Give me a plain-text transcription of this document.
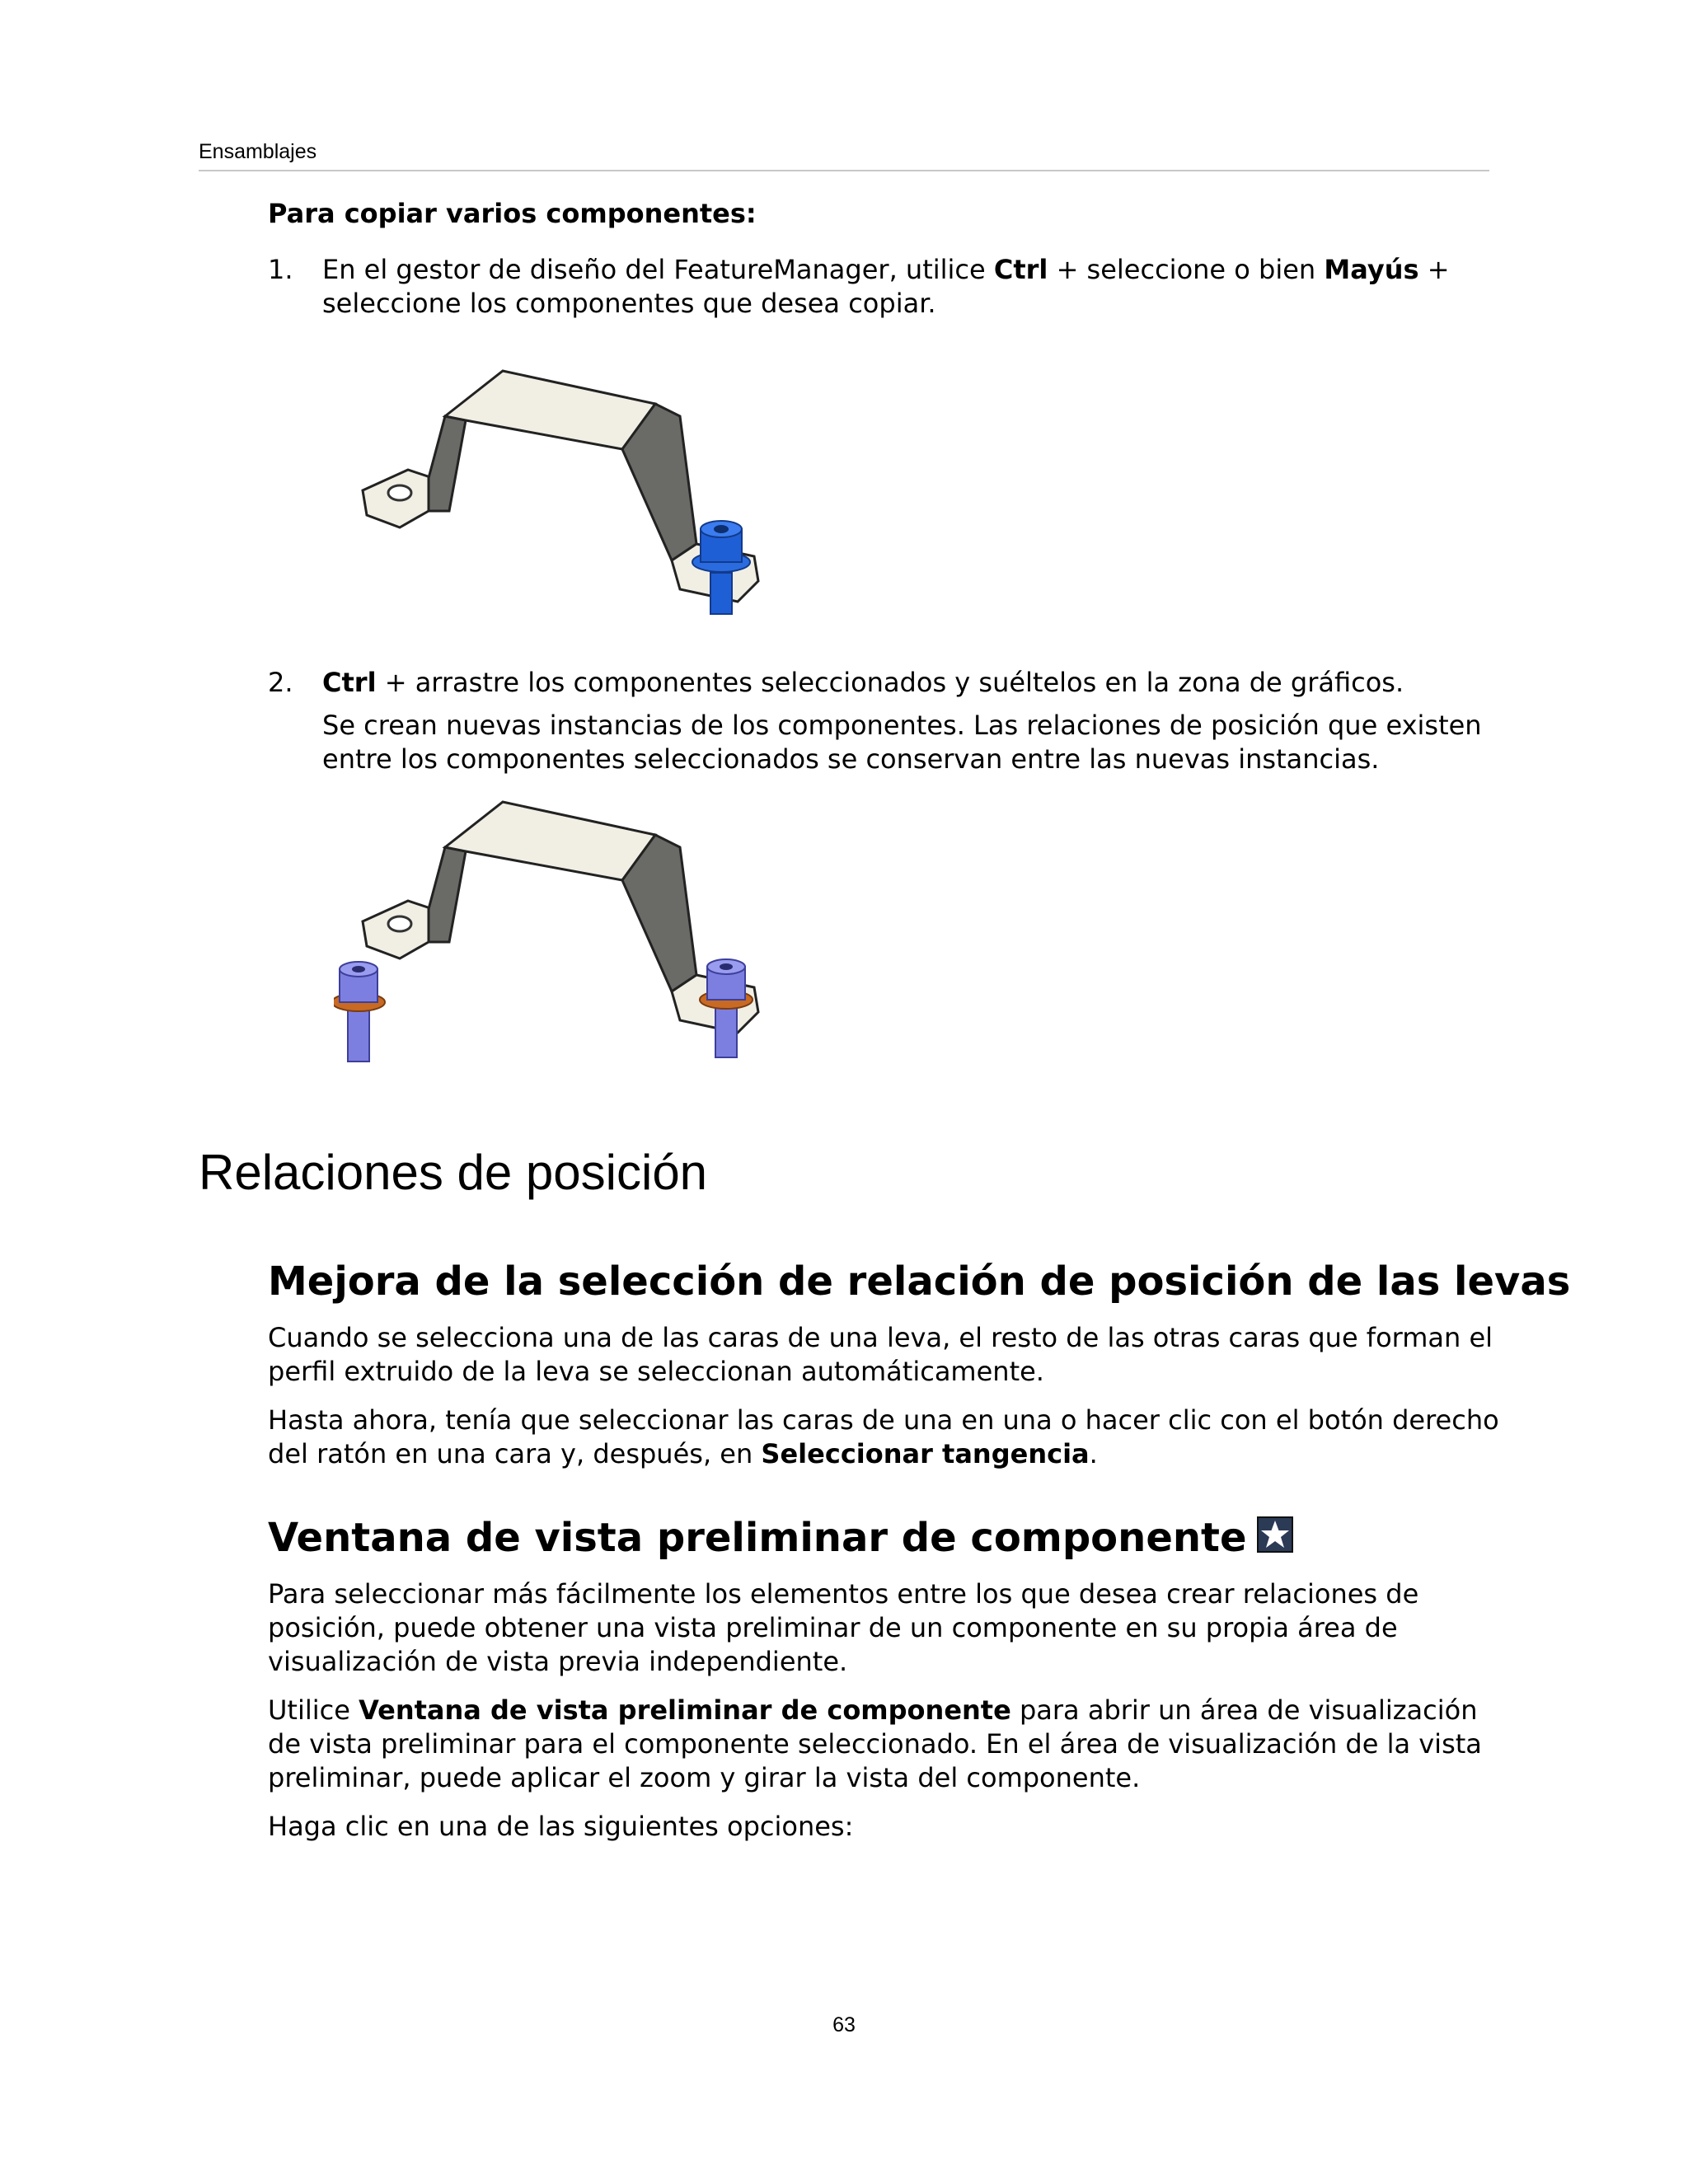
Ensamblajes
Para copiar varios componentes:
1. En el gestor de diseño del FeatureManager, utilice Ctrl + seleccione o bien Mayús + seleccione los componentes que desea copiar.
2. Ctrl + arrastre los componentes seleccionados y suéltelos en la zona de gráficos.
Se crean nuevas instancias de los componentes. Las relaciones de posición que existen entre los componentes seleccionados se conservan entre las nuevas instancias.
Relaciones de posición
Mejora de la selección de relación de posición de las levas
Cuando se selecciona una de las caras de una leva, el resto de las otras caras que forman el perfil extruido de la leva se seleccionan automáticamente.
Hasta ahora, tenía que seleccionar las caras de una en una o hacer clic con el botón derecho del ratón en una cara y, después, en Seleccionar tangencia.
Ventana de vista preliminar de componente
Para seleccionar más fácilmente los elementos entre los que desea crear relaciones de posición, puede obtener una vista preliminar de un componente en su propia área de visualización de vista previa independiente.
Utilice Ventana de vista preliminar de componente para abrir un área de visualización de vista preliminar para el componente seleccionado. En el área de visualización de la vista preliminar, puede aplicar el zoom y girar la vista del componente.
Haga clic en una de las siguientes opciones:
63
